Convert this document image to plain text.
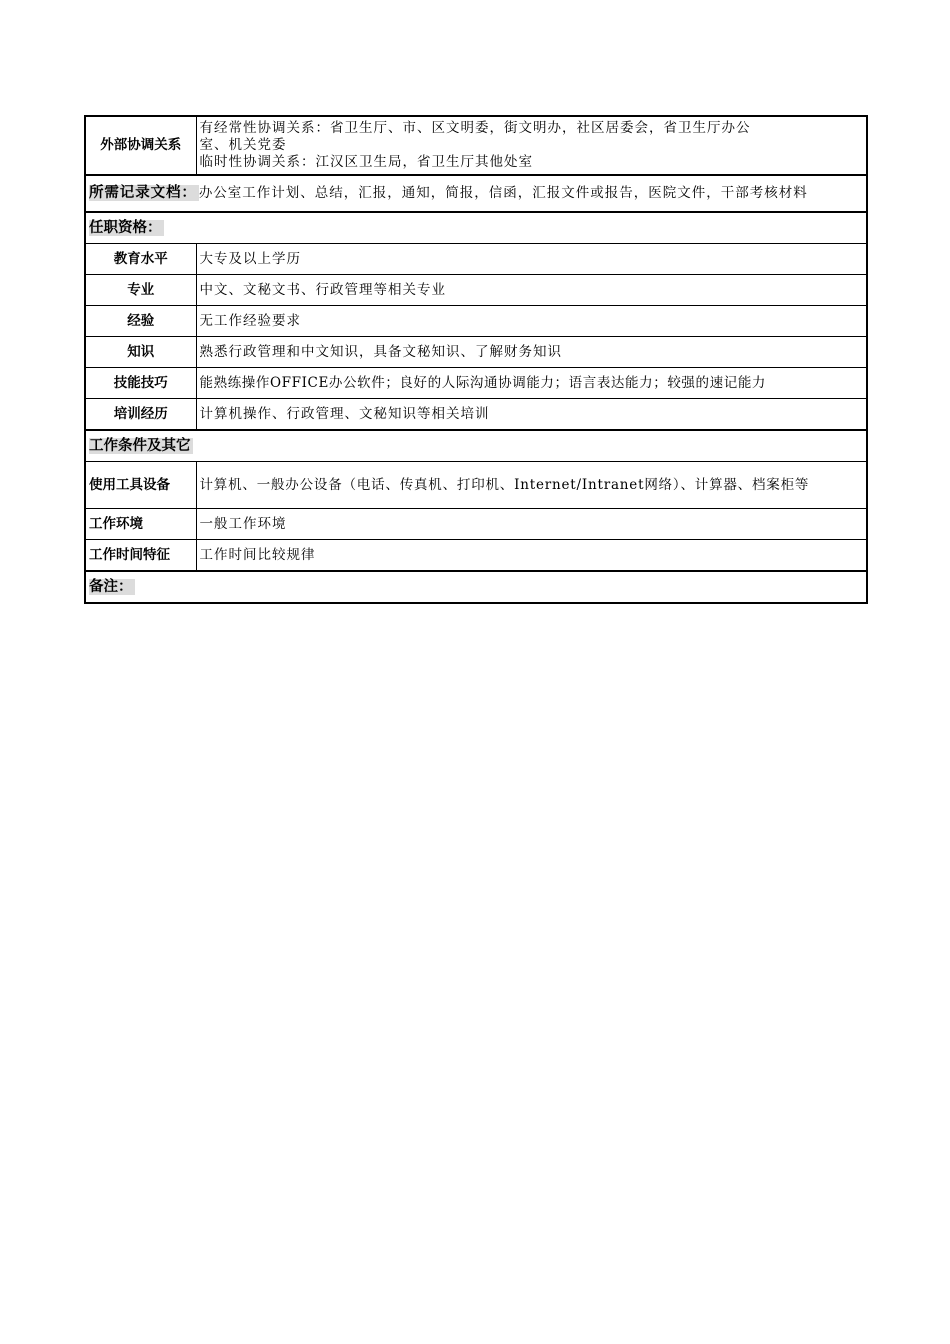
外部协调关系	有经常性协调关系：省卫生厅、市、区文明委，街文明办，社区居委会，省卫生厅办公
室、机关党委
临时性协调关系：江汉区卫生局，省卫生厅其他处室

所需记录文档： 办公室工作计划、总结，汇报，通知，简报，信函，汇报文件或报告，医院文件，干部考核材料	
任职资格：	
教育水平	大专及以上学历
专业	中文、文秘文书、行政管理等相关专业
经验	无工作经验要求
知识	熟悉行政管理和中文知识，具备文秘知识、了解财务知识
技能技巧	能熟练操作OFFICE办公软件；良好的人际沟通协调能力；语言表达能力；较强的速记能力
培训经历	计算机操作、行政管理、文秘知识等相关培训
工作条件及其它	
使用工具设备	计算机、一般办公设备（电话、传真机、打印机、Internet/Intranet网络）、计算器、档案柜等
工作环境	一般工作环境
工作时间特征	工作时间比较规律
备注：	
